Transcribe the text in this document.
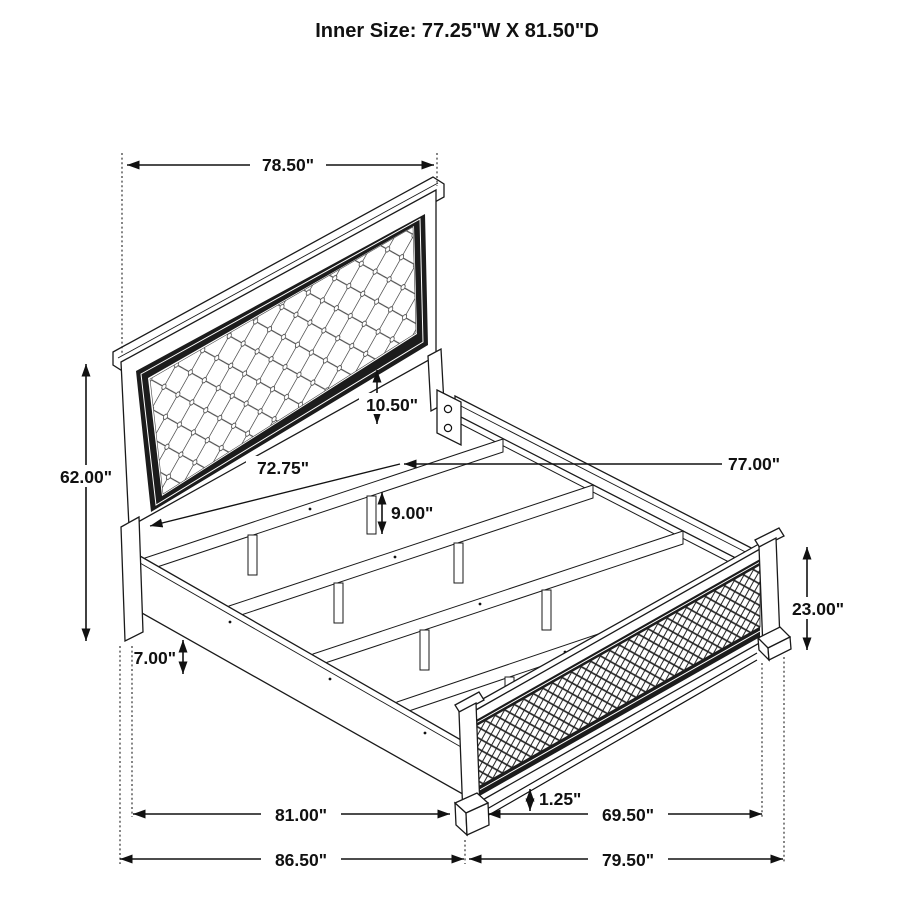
78.50"
62.00"	72.75"	77.00"
10.50"
9.00"
7.00"
23.00"
1.25"
81.00"	69.50"
86.50"	79.50"
Inner Size: 77.25"W X 81.50"D
